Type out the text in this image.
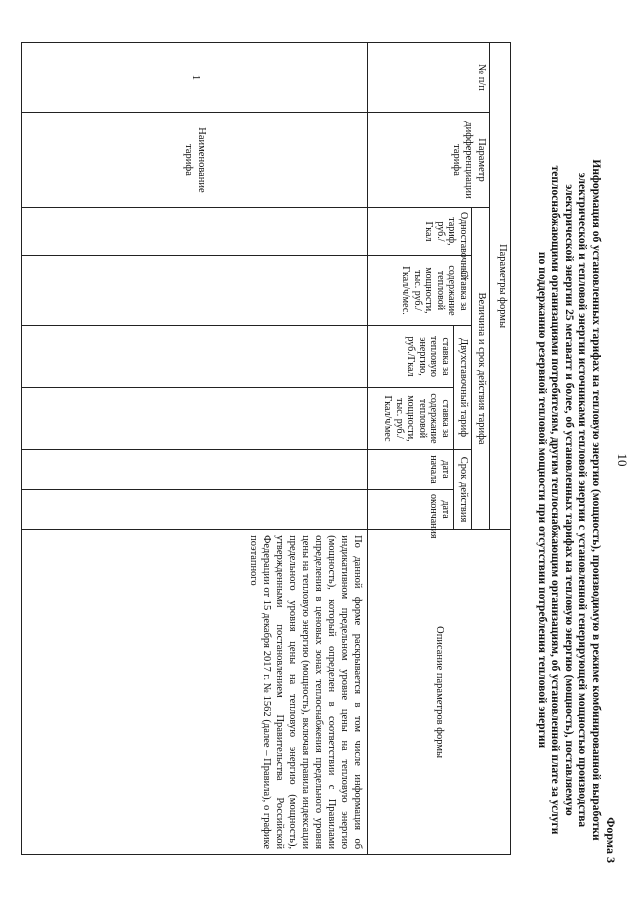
10
Форма 3
Информация об установленных тарифах на тепловую энергию (мощность), производимую в режиме комбинированной выработки
электрической и тепловой энергии источниками тепловой энергии с установленной генерирующей мощностью производства
электрической энергии 25 мегаватт и более, об установленных тарифах на тепловую энергию (мощность), поставляемую
теплоснабжающими организациями потребителям, другим теплоснабжающим организациям, об установленной плате за услуги
по поддержанию резервной тепловой мощности при отсутствии потребления тепловой энергии
Параметры формы								Описание параметров формы
№ п/п	Параметр дифференциации тарифа	Величина и срок действия тарифа						
		Одноставочный тариф, руб./Гкал	Ставка за содержание тепловой мощности, тыс. руб./Гкал/ч/мес.	Двухставочный тариф		Срок действия		
				ставка за тепловую энергию, руб./Гкал	ставка за содержание тепловой мощности, тыс. руб./Гкал/ч/мес	дата начала	дата окончания	
1	Наименование тарифа							По данной форме раскрывается в том числе информация об индикативном предельном уровне цены на тепловую энергию (мощность), который определен в соответствии с Правилами определения в ценовых зонах теплоснабжения предельного уровня цены на тепловую энергию (мощность), включая правила индексации предельного уровня цены на тепловую энергию (мощность), утвержденными постановлением Правительства Российской Федерации от 15 декабря 2017 г. № 1562 (далее – Правила), о графике поэтапного
